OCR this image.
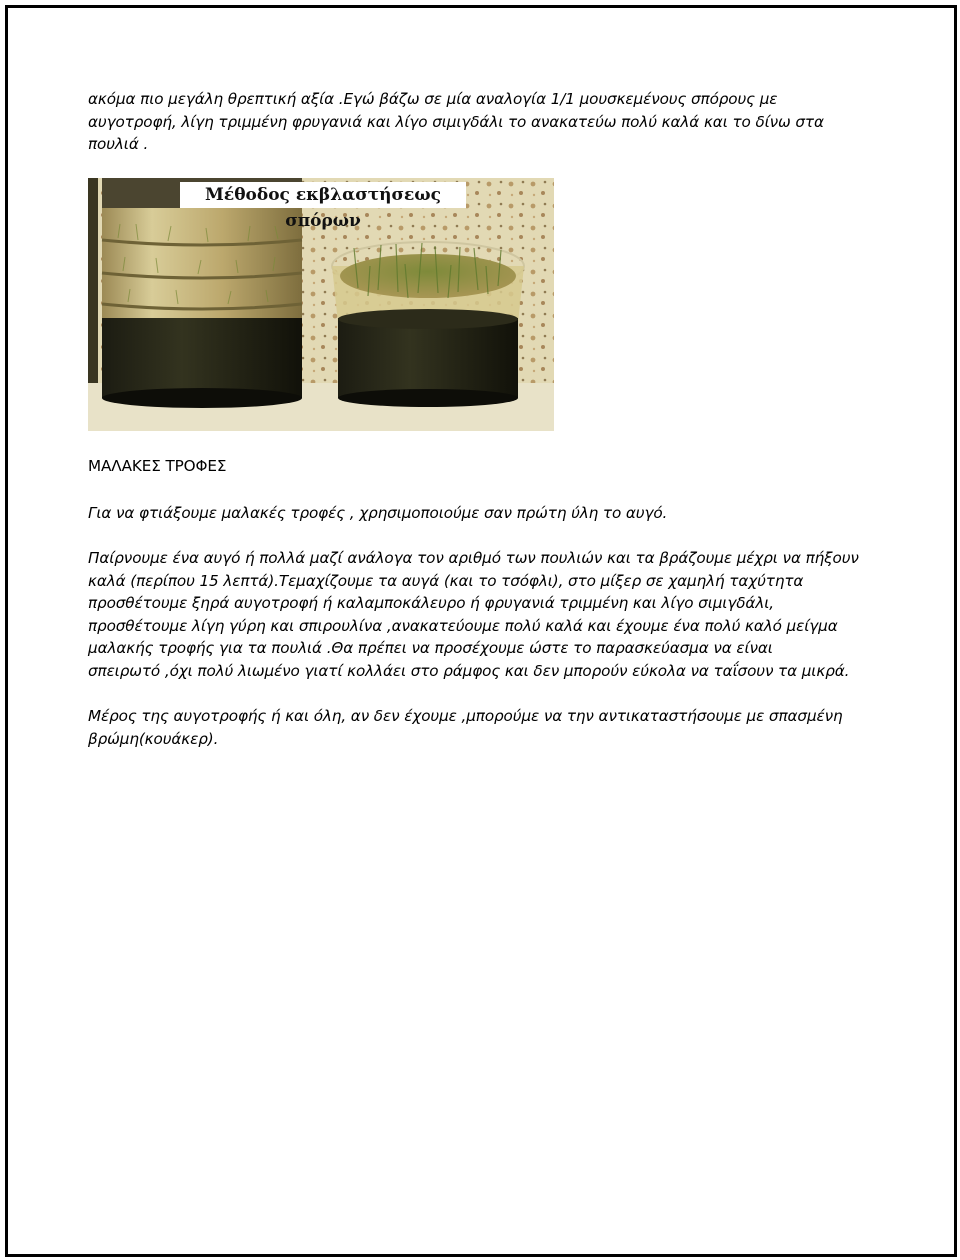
ακόμα πιο μεγάλη θρεπτική αξία .Εγώ βάζω σε μία αναλογία 1/1 μουσκεμένους σπόρους με

αυγοτροφή, λίγη τριμμένη φρυγανιά και λίγο σιμιγδάλι το ανακατεύω πολύ καλά και το δίνω στα

πουλιά .

Μέθοδος εκβλαστήσεως σπόρων

ΜΑΛΑΚΕΣ ΤΡΟΦΕΣ

Για να φτιάξουμε μαλακές τροφές , χρησιμοποιούμε σαν πρώτη ύλη το αυγό.

Παίρνουμε ένα αυγό ή πολλά μαζί ανάλογα τον αριθμό των πουλιών και τα βράζουμε μέχρι να πήξουν

καλά (περίπου 15 λεπτά).Τεμαχίζουμε τα αυγά (και το τσόφλι), στο μίξερ σε χαμηλή ταχύτητα

προσθέτουμε ξηρά αυγοτροφή ή καλαμποκάλευρο ή φρυγανιά τριμμένη και λίγο σιμιγδάλι,

προσθέτουμε λίγη γύρη και σπιρουλίνα ,ανακατεύουμε πολύ καλά και έχουμε ένα πολύ καλό μείγμα

μαλακής τροφής για τα πουλιά .Θα πρέπει να προσέχουμε ώστε το παρασκεύασμα να είναι

σπειρωτό ,όχι πολύ λιωμένο γιατί κολλάει στο ράμφος και δεν μπορούν εύκολα να ταΐσουν τα μικρά.

Μέρος της αυγοτροφής ή και όλη, αν δεν έχουμε ,μπορούμε να την αντικαταστήσουμε με σπασμένη

βρώμη(κουάκερ).
